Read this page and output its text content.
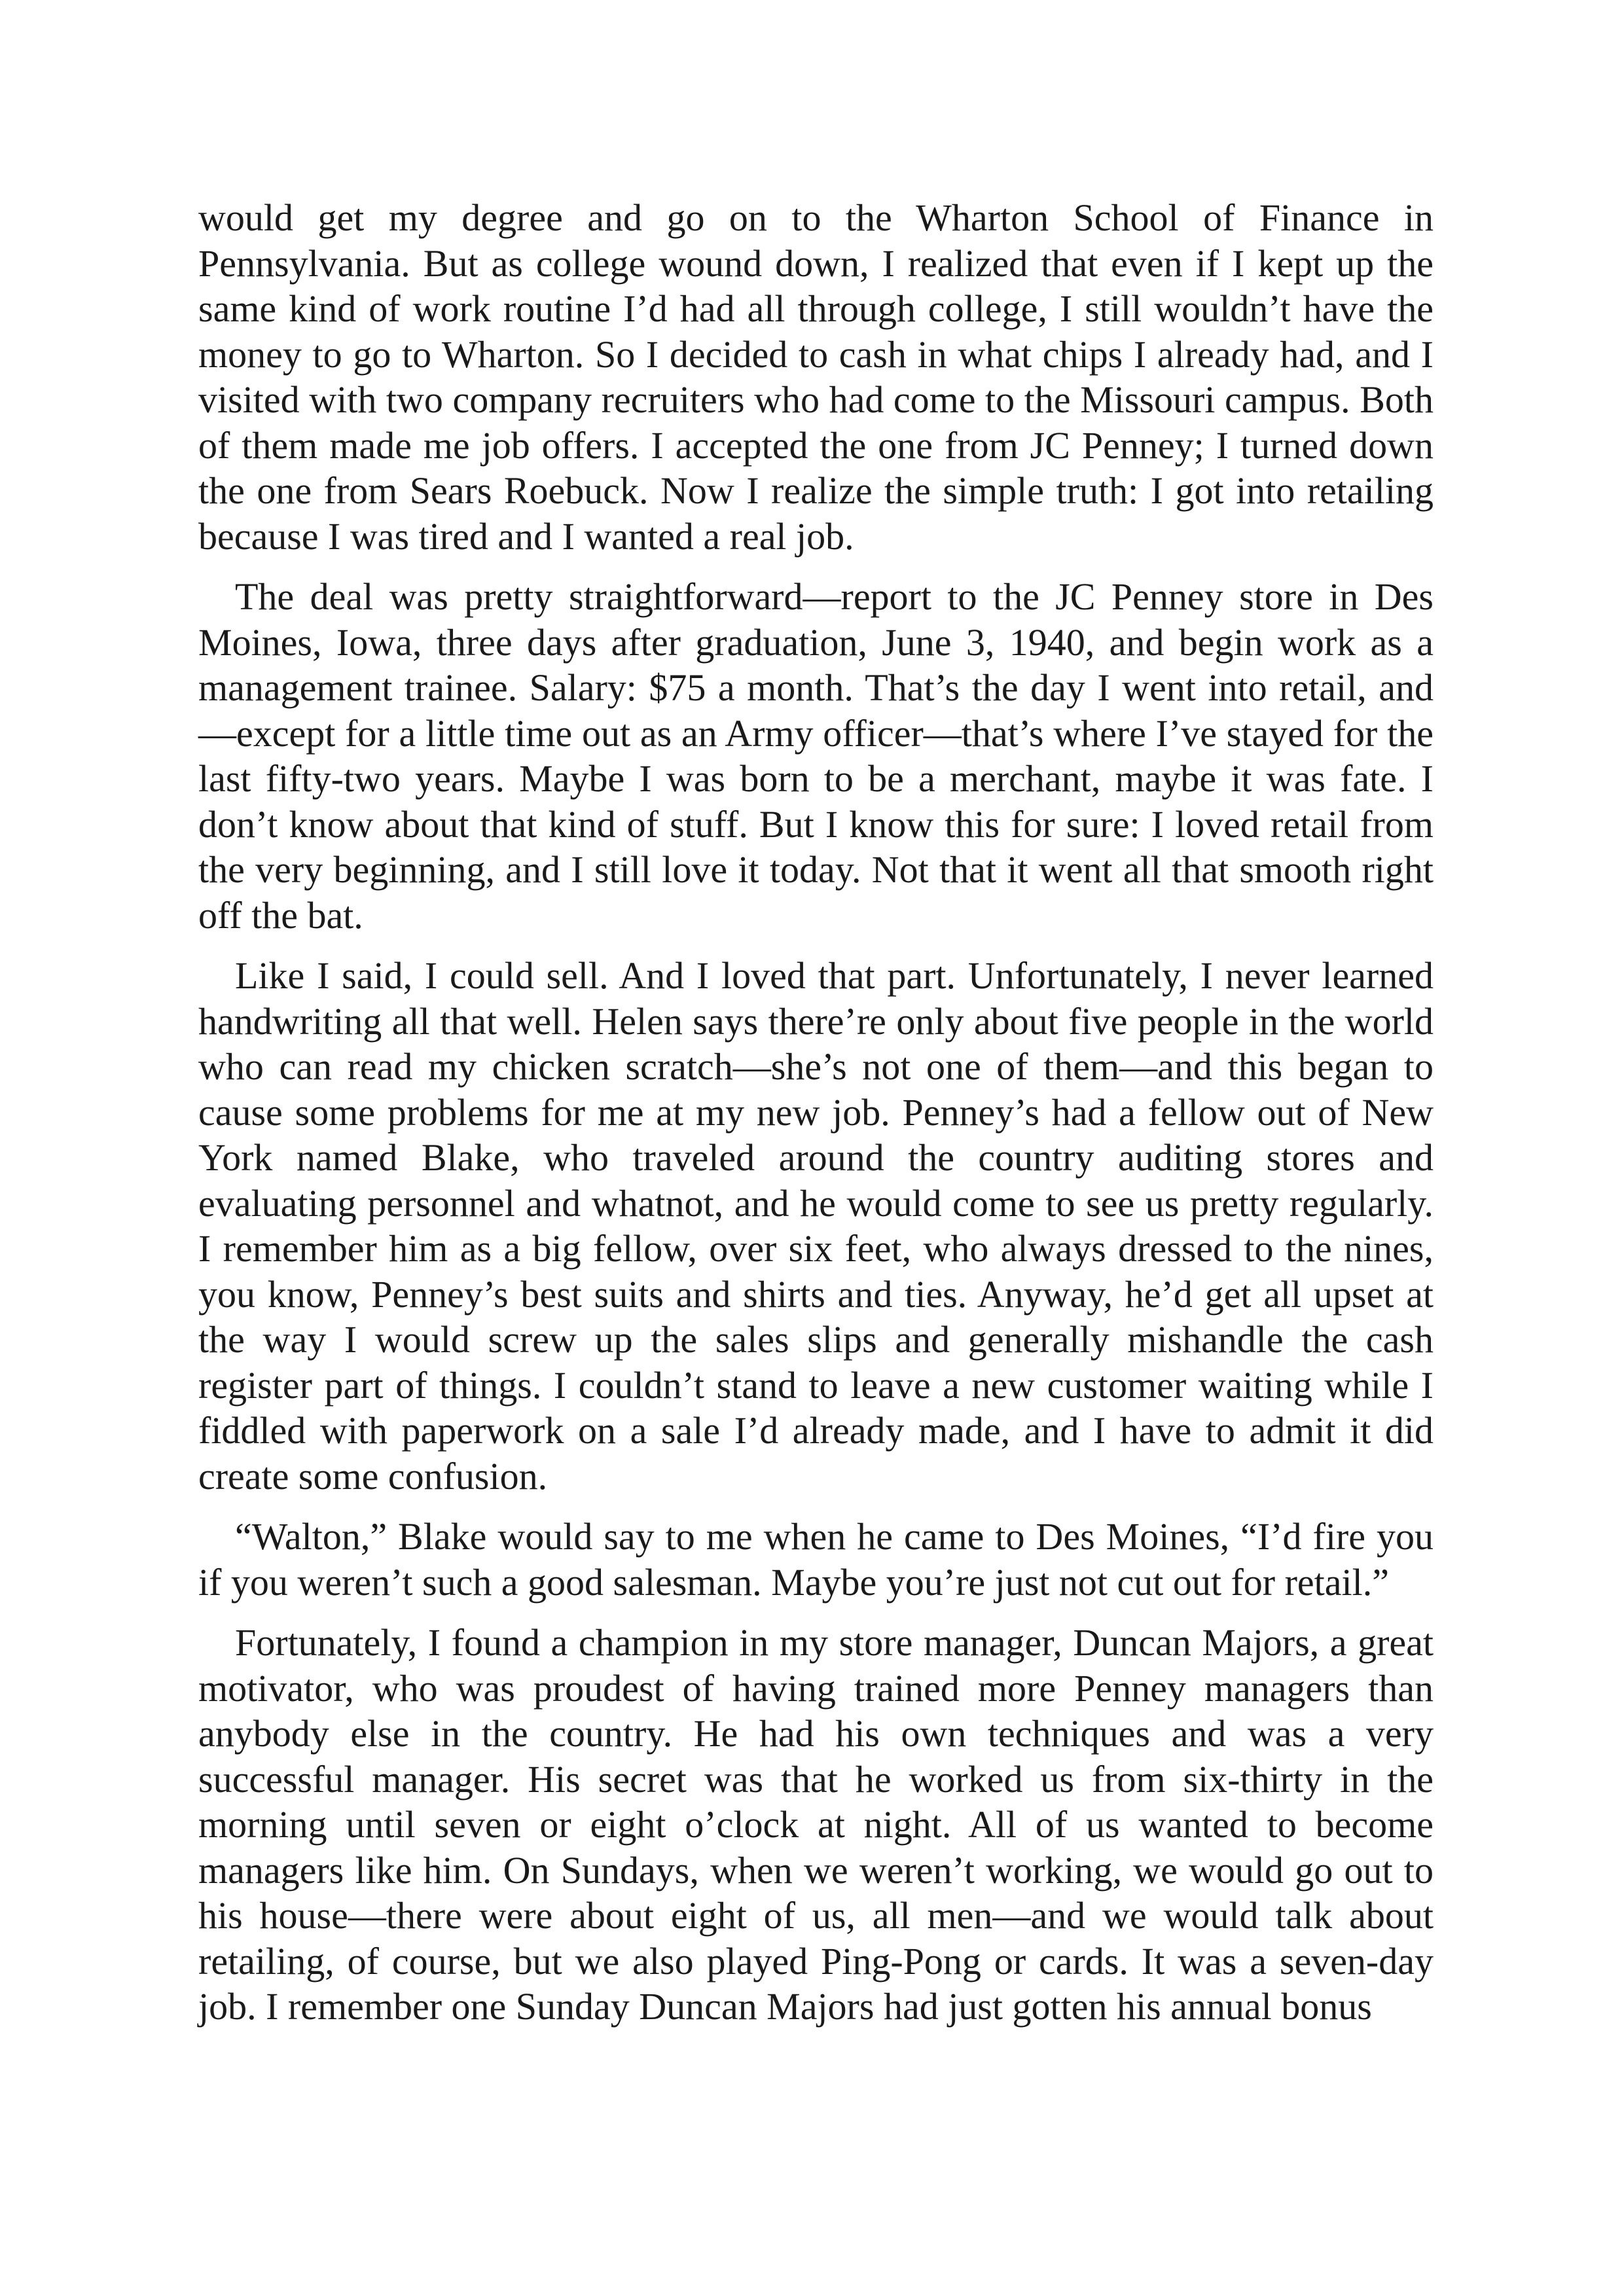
would get my degree and go on to the Wharton School of Finance in Pennsylvania. But as college wound down, I realized that even if I kept up the same kind of work routine I’d had all through college, I still wouldn’t have the money to go to Wharton. So I decided to cash in what chips I already had, and I visited with two company recruiters who had come to the Missouri campus. Both of them made me job offers. I accepted the one from JC Penney; I turned down the one from Sears Roebuck. Now I realize the simple truth: I got into retailing because I was tired and I wanted a real job.

The deal was pretty straightforward—report to the JC Penney store in Des Moines, Iowa, three days after graduation, June 3, 1940, and begin work as a management trainee. Salary: $75 a month. That’s the day I went into retail, and—except for a little time out as an Army officer—that’s where I’ve stayed for the last fifty-two years. Maybe I was born to be a merchant, maybe it was fate. I don’t know about that kind of stuff. But I know this for sure: I loved retail from the very beginning, and I still love it today. Not that it went all that smooth right off the bat.

Like I said, I could sell. And I loved that part. Unfortunately, I never learned handwriting all that well. Helen says there’re only about five people in the world who can read my chicken scratch—she’s not one of them—and this began to cause some problems for me at my new job. Penney’s had a fellow out of New York named Blake, who traveled around the country auditing stores and evaluating personnel and whatnot, and he would come to see us pretty regularly. I remember him as a big fellow, over six feet, who always dressed to the nines, you know, Penney’s best suits and shirts and ties. Anyway, he’d get all upset at the way I would screw up the sales slips and generally mishandle the cash register part of things. I couldn’t stand to leave a new customer waiting while I fiddled with paperwork on a sale I’d already made, and I have to admit it did create some confusion.

“Walton,” Blake would say to me when he came to Des Moines, “I’d fire you if you weren’t such a good salesman. Maybe you’re just not cut out for retail.”

Fortunately, I found a champion in my store manager, Duncan Majors, a great motivator, who was proudest of having trained more Penney managers than anybody else in the country. He had his own techniques and was a very successful manager. His secret was that he worked us from six-thirty in the morning until seven or eight o’clock at night. All of us wanted to become managers like him. On Sundays, when we weren’t working, we would go out to his house—there were about eight of us, all men—and we would talk about retailing, of course, but we also played Ping-Pong or cards. It was a seven-day job. I remember one Sunday Duncan Majors had just gotten his annual bonus
